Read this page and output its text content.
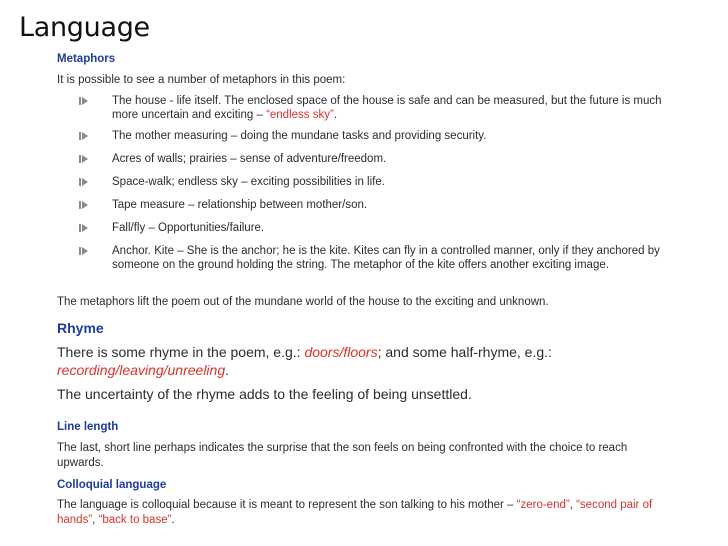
Language
Metaphors
It is possible to see a number of metaphors in this poem:
The house - life itself. The enclosed space of the house is safe and can be measured, but the future is much more uncertain and exciting – “endless sky”.
The mother measuring – doing the mundane tasks and providing security.
Acres of walls; prairies – sense of adventure/freedom.
Space-walk; endless sky – exciting possibilities in life.
Tape measure – relationship between mother/son.
Fall/fly – Opportunities/failure.
Anchor. Kite – She is the anchor; he is the kite. Kites can fly in a controlled manner, only if they anchored by someone on the ground holding the string. The metaphor of the kite offers another exciting image.
The metaphors lift the poem out of the mundane world of the house to the exciting and unknown.
Rhyme
There is some rhyme in the poem, e.g.: doors/floors; and some half-rhyme, e.g.: recording/leaving/unreeling.
The uncertainty of the rhyme adds to the feeling of being unsettled.
Line length
The last, short line perhaps indicates the surprise that the son feels on being confronted with the choice to reach upwards.
Colloquial language
The language is colloquial because it is meant to represent the son talking to his mother – “zero-end”, “second pair of hands”, “back to base”.
